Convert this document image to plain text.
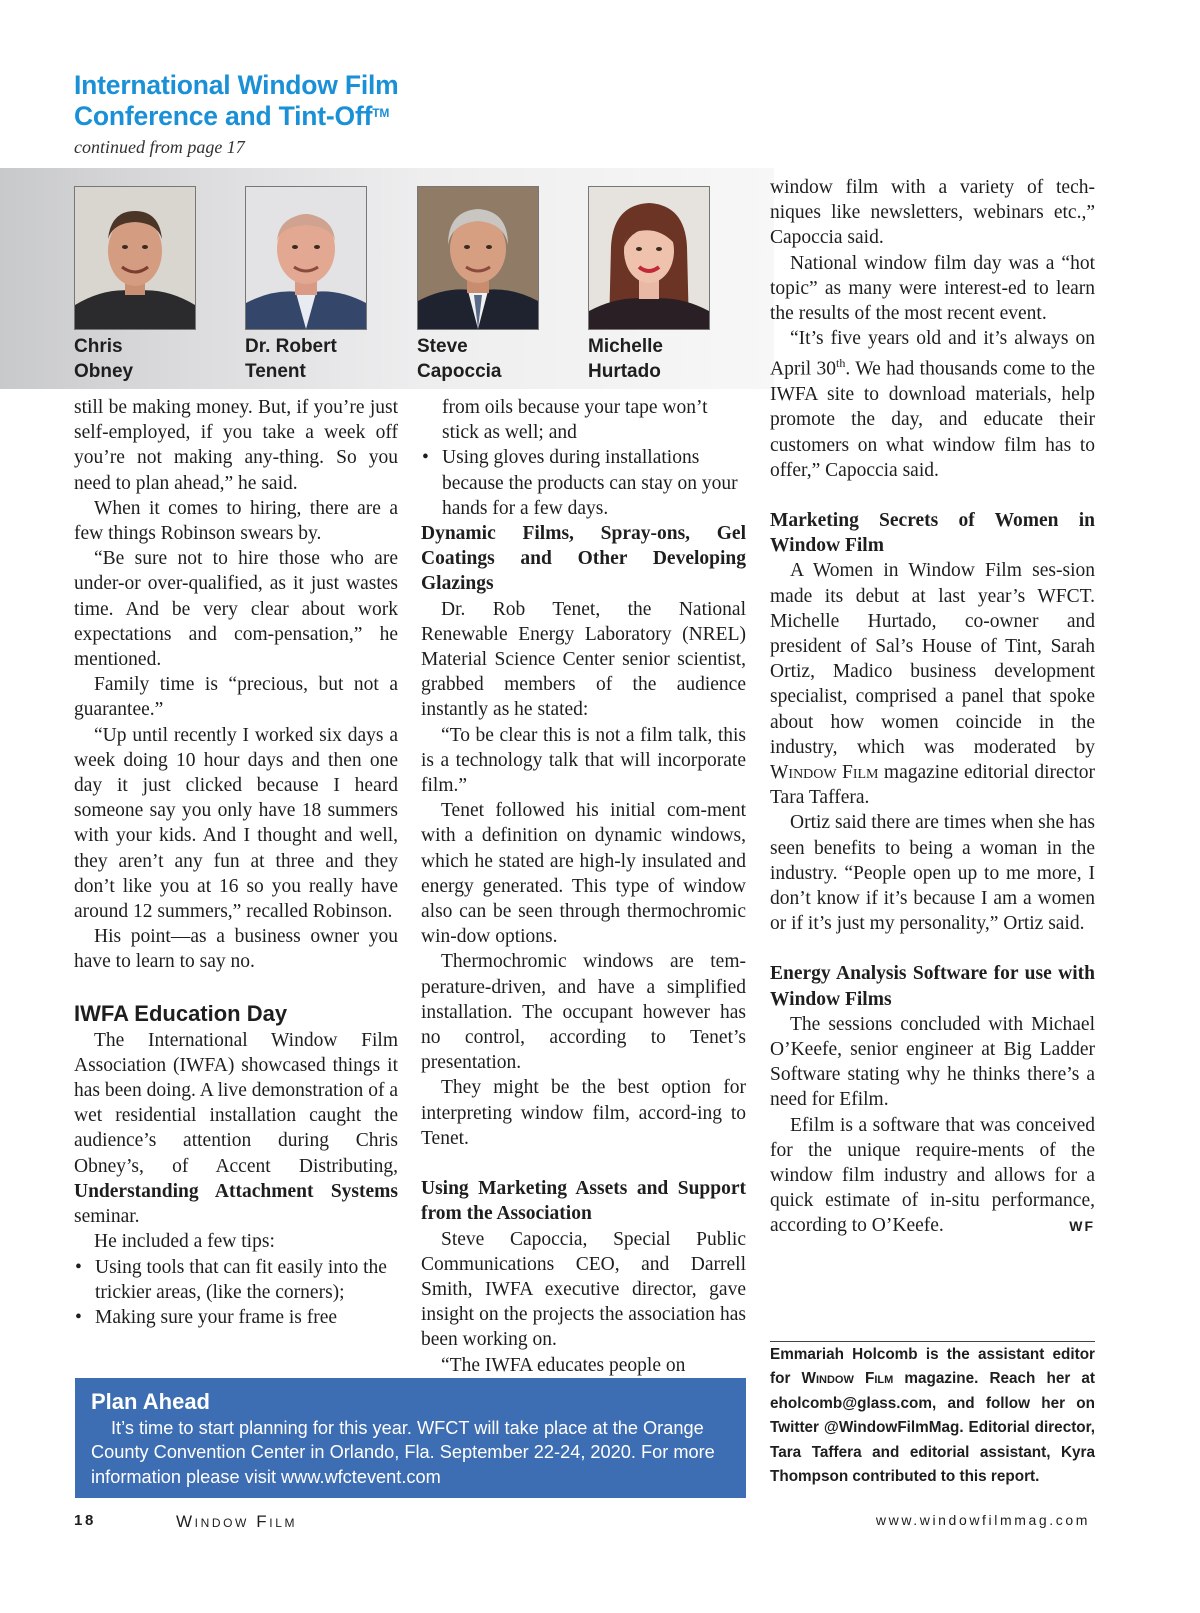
International Window Film
Conference and Tint-Off™
continued from page 17
Chris
Obney
Dr. Robert
Tenent
Steve
Capoccia
Michelle
Hurtado

still be making money. But, if you’re just self-employed, if you take a week off you’re not making any-thing. So you need to plan ahead,” he said.

When it comes to hiring, there are a few things Robinson swears by.

“Be sure not to hire those who are under-or over-qualified, as it just wastes time. And be very clear about work expectations and com-pensation,” he mentioned.

Family time is “precious, but not a guarantee.”

“Up until recently I worked six days a week doing 10 hour days and then one day it just clicked because I heard someone say you only have 18 summers with your kids. And I thought and well, they aren’t any fun at three and they don’t like you at 16 so you really have around 12 summers,” recalled Robinson.

His point—as a business owner you have to learn to say no.

IWFA Education Day

The International Window Film Association (IWFA) showcased things it has been doing. A live demonstration of a wet residential installation caught the audience’s attention during Chris Obney’s, of Accent Distributing, Understanding Attachment Systems seminar.

He included a few tips:

• Using tools that can fit easily into the trickier areas, (like the corners);
• Making sure your frame is free
from oils because your tape won’t stick as well; and
• Using gloves during installations because the products can stay on your hands for a few days.
Dynamic Films, Spray-ons, Gel Coatings and Other Developing Glazings

Dr. Rob Tenet, the National Renewable Energy Laboratory (NREL) Material Science Center senior scientist, grabbed members of the audience instantly as he stated:

“To be clear this is not a film talk, this is a technology talk that will incorporate film.”

Tenet followed his initial com-ment with a definition on dynamic windows, which he stated are high-ly insulated and energy generated. This type of window also can be seen through thermochromic win-dow options.

Thermochromic windows are tem-perature-driven, and have a simplified installation. The occupant however has no control, according to Tenet’s presentation.

They might be the best option for interpreting window film, accord-ing to Tenet.

Using Marketing Assets and Support from the Association

Steve Capoccia, Special Public Communications CEO, and Darrell Smith, IWFA executive director, gave insight on the projects the association has been working on.

“The IWFA educates people on

window film with a variety of tech-niques like newsletters, webinars etc.,” Capoccia said.

National window film day was a “hot topic” as many were interest-ed to learn the results of the most recent event.

“It’s five years old and it’s always on April 30th. We had thousands come to the IWFA site to download materials, help promote the day, and educate their customers on what window film has to offer,” Capoccia said.

Marketing Secrets of Women in Window Film

A Women in Window Film ses-sion made its debut at last year’s WFCT. Michelle Hurtado, co-owner and president of Sal’s House of Tint, Sarah Ortiz, Madico business development specialist, comprised a panel that spoke about how women coincide in the industry, which was moderated by Window Film magazine editorial director Tara Taffera.

Ortiz said there are times when she has seen benefits to being a woman in the industry. “People open up to me more, I don’t know if it’s because I am a women or if it’s just my personality,” Ortiz said.

Energy Analysis Software for use with Window Films

The sessions concluded with Michael O’Keefe, senior engineer at Big Ladder Software stating why he thinks there’s a need for Efilm.

Efilm is a software that was conceived for the unique require-ments of the window film industry and allows for a quick estimate of in-situ performance, according to O’Keefe.	WF
Emmariah Holcomb is the assistant editor for Window Film magazine. Reach her at eholcomb@glass.com, and follow her on Twitter @WindowFilmMag. Editorial director, Tara Taffera and editorial assistant, Kyra Thompson contributed to this report.
Plan Ahead
It’s time to start planning for this year. WFCT will take place at the Orange County Convention Center in Orlando, Fla. September 22-24, 2020. For more information please visit www.wfctevent.com
18	Window Film	www.windowfilmmag.com
